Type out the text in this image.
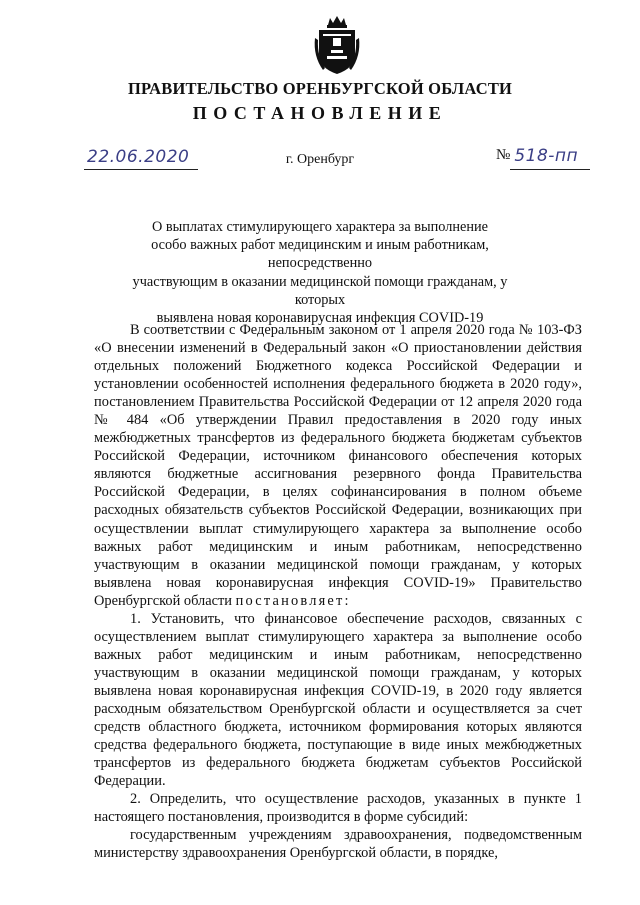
ПРАВИТЕЛЬСТВО ОРЕНБУРГСКОЙ ОБЛАСТИ
ПОСТАНОВЛЕНИЕ
22.06.2020	г. Оренбург	№ 518-пп
О выплатах стимулирующего характера за выполнение
особо важных работ медицинским и иным работникам, непосредственно
участвующим в оказании медицинской помощи гражданам, у которых
выявлена новая коронавирусная инфекция COVID-19

В соответствии с Федеральным законом от 1 апреля 2020 года № 103-ФЗ «О внесении изменений в Федеральный закон «О приостановлении действия отдельных положений Бюджетного кодекса Российской Федерации и установлении особенностей исполнения федерального бюджета в 2020 году», постановлением Правительства Российской Федерации от 12 апреля 2020 года № 484 «Об утверждении Правил предоставления в 2020 году иных межбюджетных трансфертов из федерального бюджета бюджетам субъектов Российской Федерации, источником финансового обеспечения которых являются бюджетные ассигнования резервного фонда Правительства Российской Федерации, в целях софинансирования в полном объеме расходных обязательств субъектов Российской Федерации, возникающих при осуществлении выплат стимулирующего характера за выполнение особо важных работ медицинским и иным работникам, непосредственно участвующим в оказании медицинской помощи гражданам, у которых выявлена новая коронавирусная инфекция COVID-19» Правительство Оренбургской области постановляет:

1. Установить, что финансовое обеспечение расходов, связанных с осуществлением выплат стимулирующего характера за выполнение особо важных работ медицинским и иным работникам, непосредственно участвующим в оказании медицинской помощи гражданам, у которых выявлена новая коронавирусная инфекция COVID-19, в 2020 году является расходным обязательством Оренбургской области и осуществляется за счет средств областного бюджета, источником формирования которых являются средства федерального бюджета, поступающие в виде иных межбюджетных трансфертов из федерального бюджета бюджетам субъектов Российской Федерации.

2. Определить, что осуществление расходов, указанных в пункте 1 настоящего постановления, производится в форме субсидий:

государственным учреждениям здравоохранения, подведомственным министерству здравоохранения Оренбургской области, в порядке,
